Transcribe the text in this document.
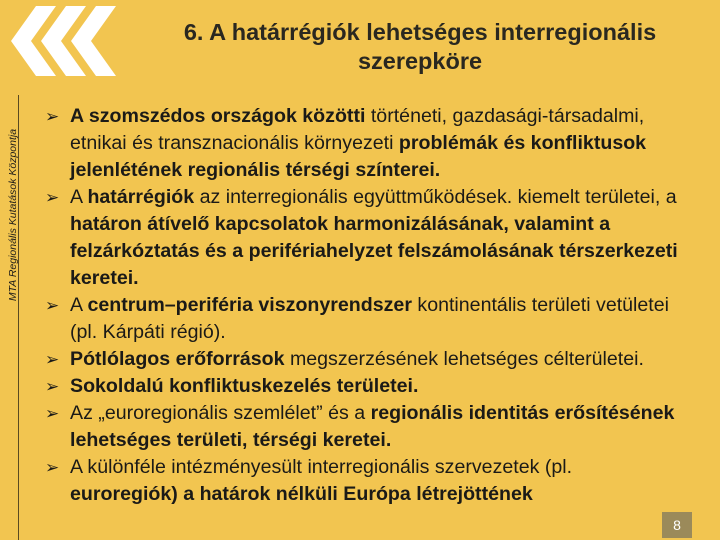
MTA Regionális Kutatások Központja
6. A határrégiók lehetséges interregionális szerepköre
➢ A szomszédos országok közötti történeti, gazdasági-társadalmi, etnikai és transznacionális környezeti problémák és konfliktusok jelenlétének regionális térségi színterei.
➢ A határrégiók az interregionális együttműködések. kiemelt területei, a határon átívelő kapcsolatok harmonizálásának, valamint a felzárkóztatás és a perifériahelyzet felszámolásának térszerkezeti keretei.
➢ A centrum–periféria viszonyrendszer kontinentális területi vetületei (pl. Kárpáti régió).
➢ Pótlólagos erőforrások megszerzésének lehetséges célterületei.
➢ Sokoldalú konfliktuskezelés területei.
➢ Az „euroregionális szemlélet” és a regionális identitás erősítésének lehetséges területi, térségi keretei.
➢ A különféle intézményesült interregionális szervezetek (pl. euroregiók) a határok nélküli Európa létrejöttének
8
